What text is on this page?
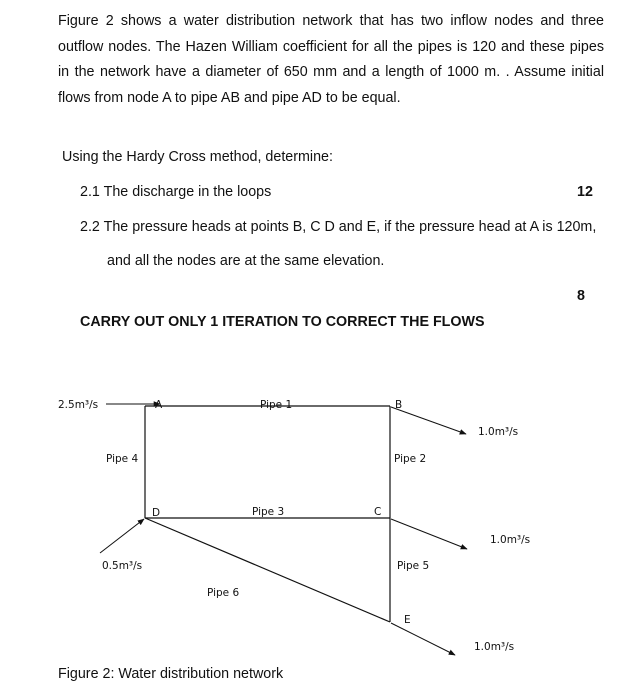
Figure 2 shows a water distribution network that has two inflow nodes and three outflow nodes. The Hazen William coefficient for all the pipes is 120 and these pipes in the network have a diameter of 650 mm and a length of 1000 m. . Assume initial flows from node A to pipe AB and pipe AD to be equal.
Using the Hardy Cross method, determine:
2.1 The discharge in the loops	12
2.2 The pressure heads at points B, C D and E, if the pressure head at A is 120m,
and all the nodes are at the same elevation.
8
CARRY OUT ONLY 1 ITERATION TO CORRECT THE FLOWS
A	B
C
D
E
Pipe 1
Pipe 2
Pipe 3
Pipe 4
Pipe 5
Pipe 6
2.5m³/s
0.5m³/s
1.0m³/s
1.0m³/s
1.0m³/s
Figure 2: Water distribution network
